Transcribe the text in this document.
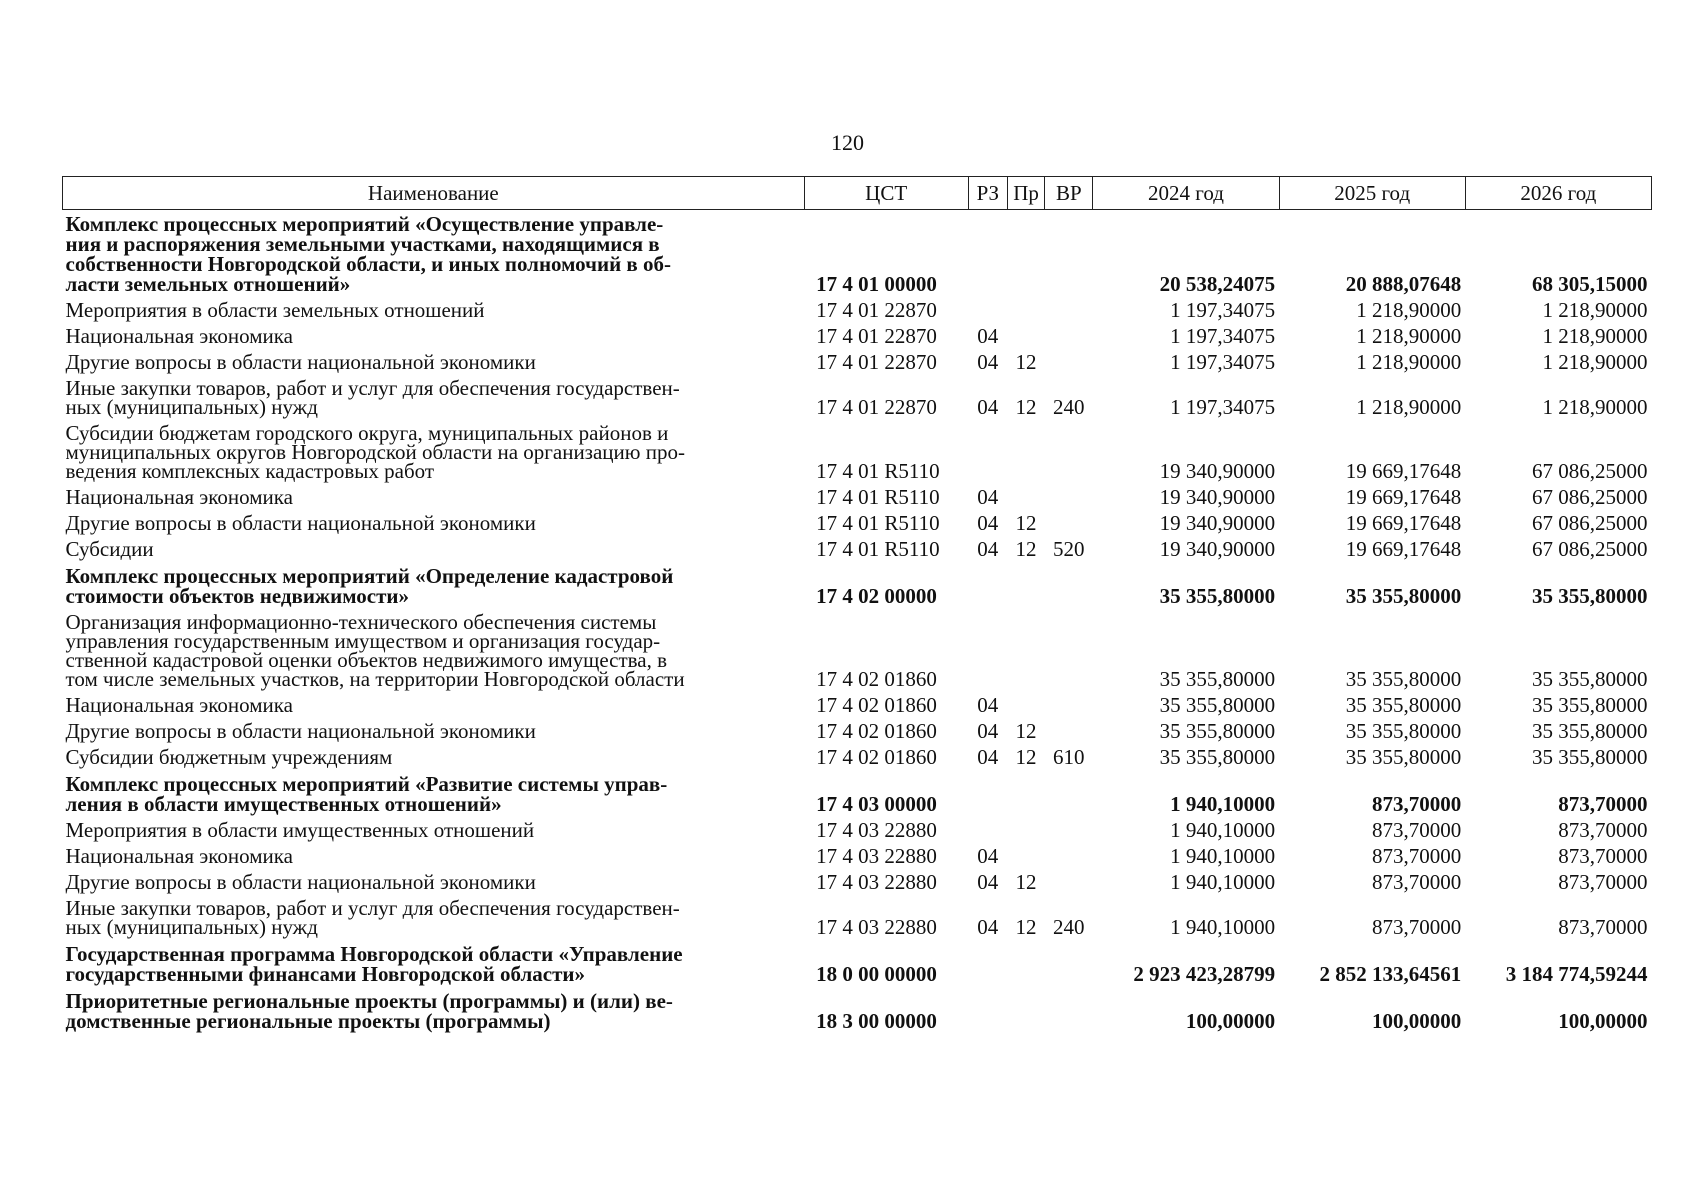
120
Наименование	ЦСТ	РЗ	Пр	ВР	2024 год	2025 год	2026 год
Комплекс процессных мероприятий «Осуществление управле-
ния и распоряжения земельными участками, находящимися в
собственности Новгородской области, и иных полномочий в об-
ласти земельных отношений»	17 4 01 00000				20 538,24075	20 888,07648	68 305,15000
Мероприятия в области земельных отношений	17 4 01 22870				1 197,34075	1 218,90000	1 218,90000
Национальная экономика	17 4 01 22870	04			1 197,34075	1 218,90000	1 218,90000
Другие вопросы в области национальной экономики	17 4 01 22870	04	12		1 197,34075	1 218,90000	1 218,90000
Иные закупки товаров, работ и услуг для обеспечения государствен-
ных (муниципальных) нужд	17 4 01 22870	04	12	240	1 197,34075	1 218,90000	1 218,90000
Субсидии бюджетам городского округа, муниципальных районов и
муниципальных округов Новгородской области на организацию про-
ведения комплексных кадастровых работ	17 4 01 R5110				19 340,90000	19 669,17648	67 086,25000
Национальная экономика	17 4 01 R5110	04			19 340,90000	19 669,17648	67 086,25000
Другие вопросы в области национальной экономики	17 4 01 R5110	04	12		19 340,90000	19 669,17648	67 086,25000
Субсидии	17 4 01 R5110	04	12	520	19 340,90000	19 669,17648	67 086,25000
Комплекс процессных мероприятий «Определение кадастровой
стоимости объектов недвижимости»	17 4 02 00000				35 355,80000	35 355,80000	35 355,80000
Организация информационно-технического обеспечения системы
управления государственным имуществом и организация государ-
ственной кадастровой оценки объектов недвижимого имущества, в
том числе земельных участков, на территории Новгородской области	17 4 02 01860				35 355,80000	35 355,80000	35 355,80000
Национальная экономика	17 4 02 01860	04			35 355,80000	35 355,80000	35 355,80000
Другие вопросы в области национальной экономики	17 4 02 01860	04	12		35 355,80000	35 355,80000	35 355,80000
Субсидии бюджетным учреждениям	17 4 02 01860	04	12	610	35 355,80000	35 355,80000	35 355,80000
Комплекс процессных мероприятий «Развитие системы управ-
ления в области имущественных отношений»	17 4 03 00000				1 940,10000	873,70000	873,70000
Мероприятия в области имущественных отношений	17 4 03 22880				1 940,10000	873,70000	873,70000
Национальная экономика	17 4 03 22880	04			1 940,10000	873,70000	873,70000
Другие вопросы в области национальной экономики	17 4 03 22880	04	12		1 940,10000	873,70000	873,70000
Иные закупки товаров, работ и услуг для обеспечения государствен-
ных (муниципальных) нужд	17 4 03 22880	04	12	240	1 940,10000	873,70000	873,70000
Государственная программа Новгородской области «Управление
государственными финансами Новгородской области»	18 0 00 00000				2 923 423,28799	2 852 133,64561	3 184 774,59244
Приоритетные региональные проекты (программы) и (или) ве-
домственные региональные проекты (программы)	18 3 00 00000				100,00000	100,00000	100,00000
